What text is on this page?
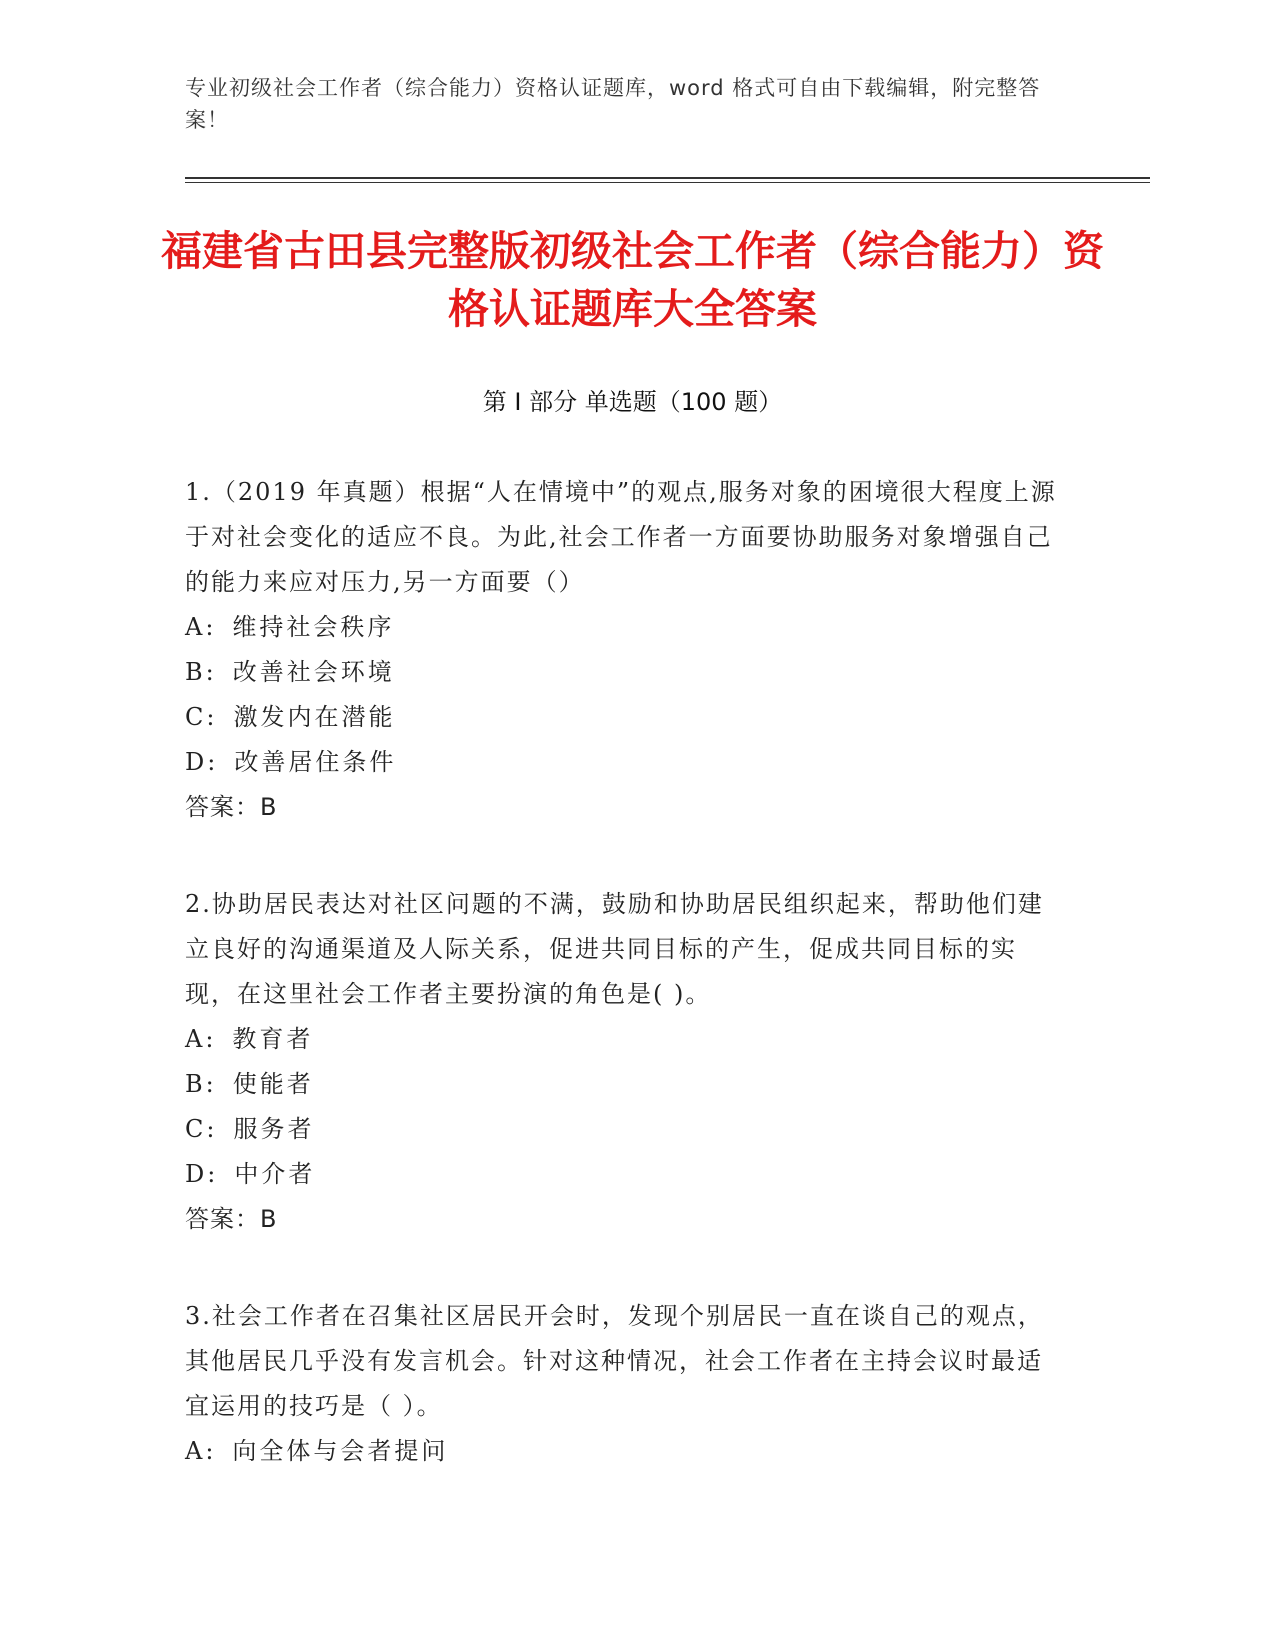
专业初级社会工作者（综合能力）资格认证题库，word 格式可自由下载编辑，附完整答案！
福建省古田县完整版初级社会工作者（综合能力）资格认证题库大全答案
第 I 部分 单选题（100 题）

1.（2019 年真题）根据“人在情境中”的观点,服务对象的困境很大程度上源于对社会变化的适应不良。为此,社会工作者一方面要协助服务对象增强自己的能力来应对压力,另一方面要（）

A: 维持社会秩序

B: 改善社会环境

C: 激发内在潜能

D: 改善居住条件

答案：B

2.协助居民表达对社区问题的不满，鼓励和协助居民组织起来，帮助他们建立良好的沟通渠道及人际关系，促进共同目标的产生，促成共同目标的实现，在这里社会工作者主要扮演的角色是( )。

A: 教育者

B: 使能者

C: 服务者

D: 中介者

答案：B

3.社会工作者在召集社区居民开会时，发现个别居民一直在谈自己的观点，其他居民几乎没有发言机会。针对这种情况，社会工作者在主持会议时最适宜运用的技巧是（ ）。

A: 向全体与会者提问
